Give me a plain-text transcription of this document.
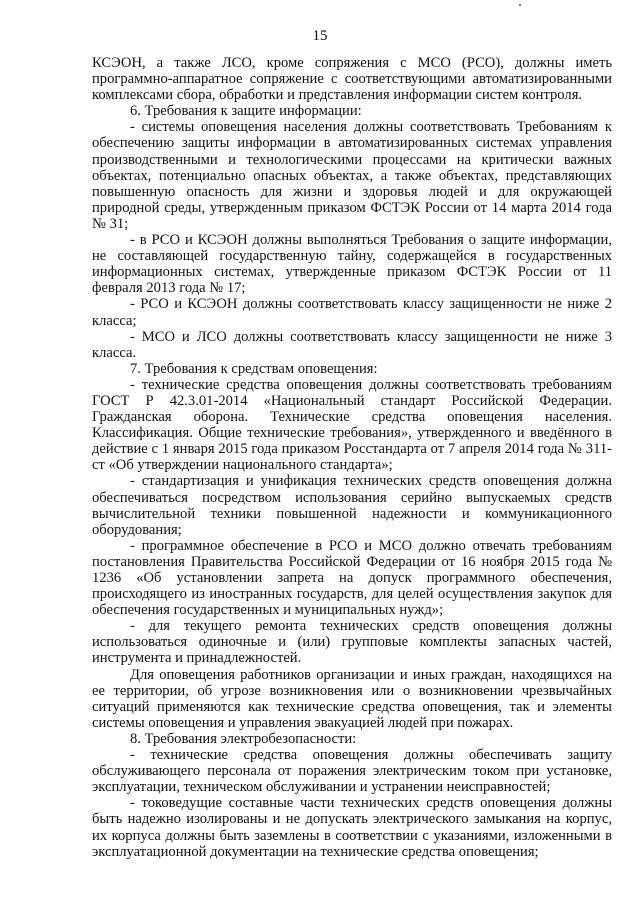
15

КСЭОН, а также ЛСО, кроме сопряжения с МСО (РСО), должны иметь программно-аппаратное сопряжение с соответствующими автоматизированными комплексами сбора, обработки и представления информации систем контроля.

6. Требования к защите информации:

- системы оповещения населения должны соответствовать Требованиям к обеспечению защиты информации в автоматизированных системах управления производственными и технологическими процессами на критически важных объектах, потенциально опасных объектах, а также объектах, представляющих повышенную опасность для жизни и здоровья людей и для окружающей природной среды, утвержденным приказом ФСТЭК России от 14 марта 2014 года № 31;

- в РСО и КСЭОН должны выполняться Требования о защите информации, не составляющей государственную тайну, содержащейся в государственных информационных системах, утвержденные приказом ФСТЭК России от 11 февраля 2013 года № 17;

- РСО и КСЭОН должны соответствовать классу защищенности не ниже 2 класса;

- МСО и ЛСО должны соответствовать классу защищенности не ниже 3 класса.

7. Требования к средствам оповещения:

- технические средства оповещения должны соответствовать требованиям ГОСТ Р 42.3.01-2014 «Национальный стандарт Российской Федерации. Гражданская оборона. Технические средства оповещения населения. Классификация. Общие технические требования», утвержденного и введённого в действие с 1 января 2015 года приказом Росстандарта от 7 апреля 2014 года № 311-ст «Об утверждении национального стандарта»;

- стандартизация и унификация технических средств оповещения должна обеспечиваться посредством использования серийно выпускаемых средств вычислительной техники повышенной надежности и коммуникационного оборудования;

- программное обеспечение в РСО и МСО должно отвечать требованиям постановления Правительства Российской Федерации от 16 ноября 2015 года № 1236 «Об установлении запрета на допуск программного обеспечения, происходящего из иностранных государств, для целей осуществления закупок для обеспечения государственных и муниципальных нужд»;

- для текущего ремонта технических средств оповещения должны использоваться одиночные и (или) групповые комплекты запасных частей, инструмента и принадлежностей.

Для оповещения работников организации и иных граждан, находящихся на ее территории, об угрозе возникновения или о возникновении чрезвычайных ситуаций применяются как технические средства оповещения, так и элементы системы оповещения и управления эвакуацией людей при пожарах.

8. Требования электробезопасности:

- технические средства оповещения должны обеспечивать защиту обслуживающего персонала от поражения электрическим током при установке, эксплуатации, техническом обслуживании и устранении неисправностей;

- токоведущие составные части технических средств оповещения должны быть надежно изолированы и не допускать электрического замыкания на корпус, их корпуса должны быть заземлены в соответствии с указаниями, изложенными в эксплуатационной документации на технические средства оповещения;
